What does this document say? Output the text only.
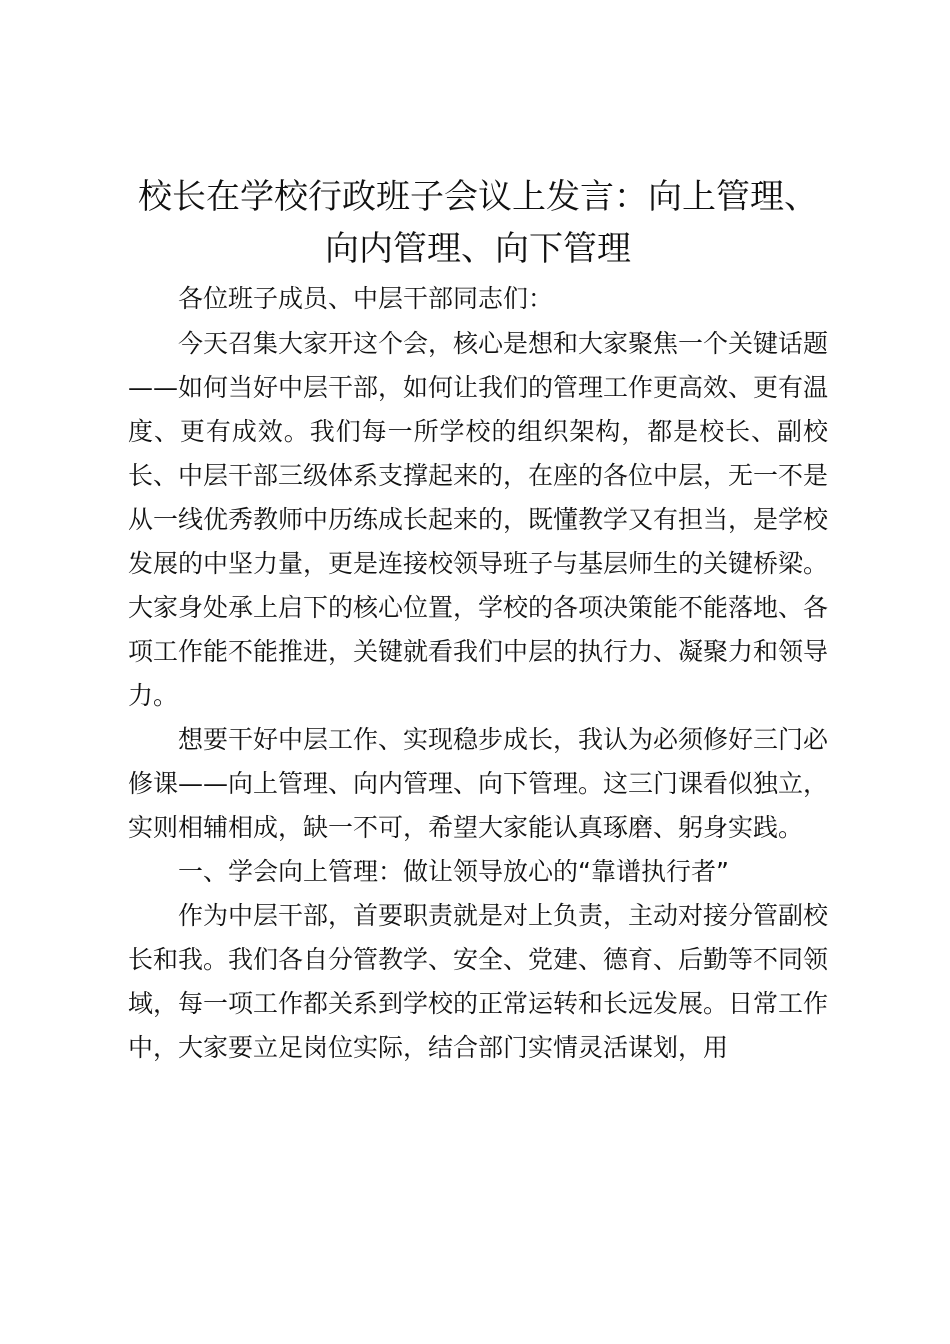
校长在学校行政班子会议上发言：向上管理、
向内管理、向下管理

各位班子成员、中层干部同志们：

今天召集大家开这个会，核心是想和大家聚焦一个关键话题——如何当好中层干部，如何让我们的管理工作更高效、更有温度、更有成效。我们每一所学校的组织架构，都是校长、副校长、中层干部三级体系支撑起来的，在座的各位中层，无一不是从一线优秀教师中历练成长起来的，既懂教学又有担当，是学校发展的中坚力量，更是连接校领导班子与基层师生的关键桥梁。大家身处承上启下的核心位置，学校的各项决策能不能落地、各项工作能不能推进，关键就看我们中层的执行力、凝聚力和领导力。

想要干好中层工作、实现稳步成长，我认为必须修好三门必修课——向上管理、向内管理、向下管理。这三门课看似独立，实则相辅相成，缺一不可，希望大家能认真琢磨、躬身实践。

一、学会向上管理：做让领导放心的“靠谱执行者”

作为中层干部，首要职责就是对上负责，主动对接分管副校长和我。我们各自分管教学、安全、党建、德育、后勤等不同领域，每一项工作都关系到学校的正常运转和长远发展。日常工作中，大家要立足岗位实际，结合部门实情灵活谋划，用
